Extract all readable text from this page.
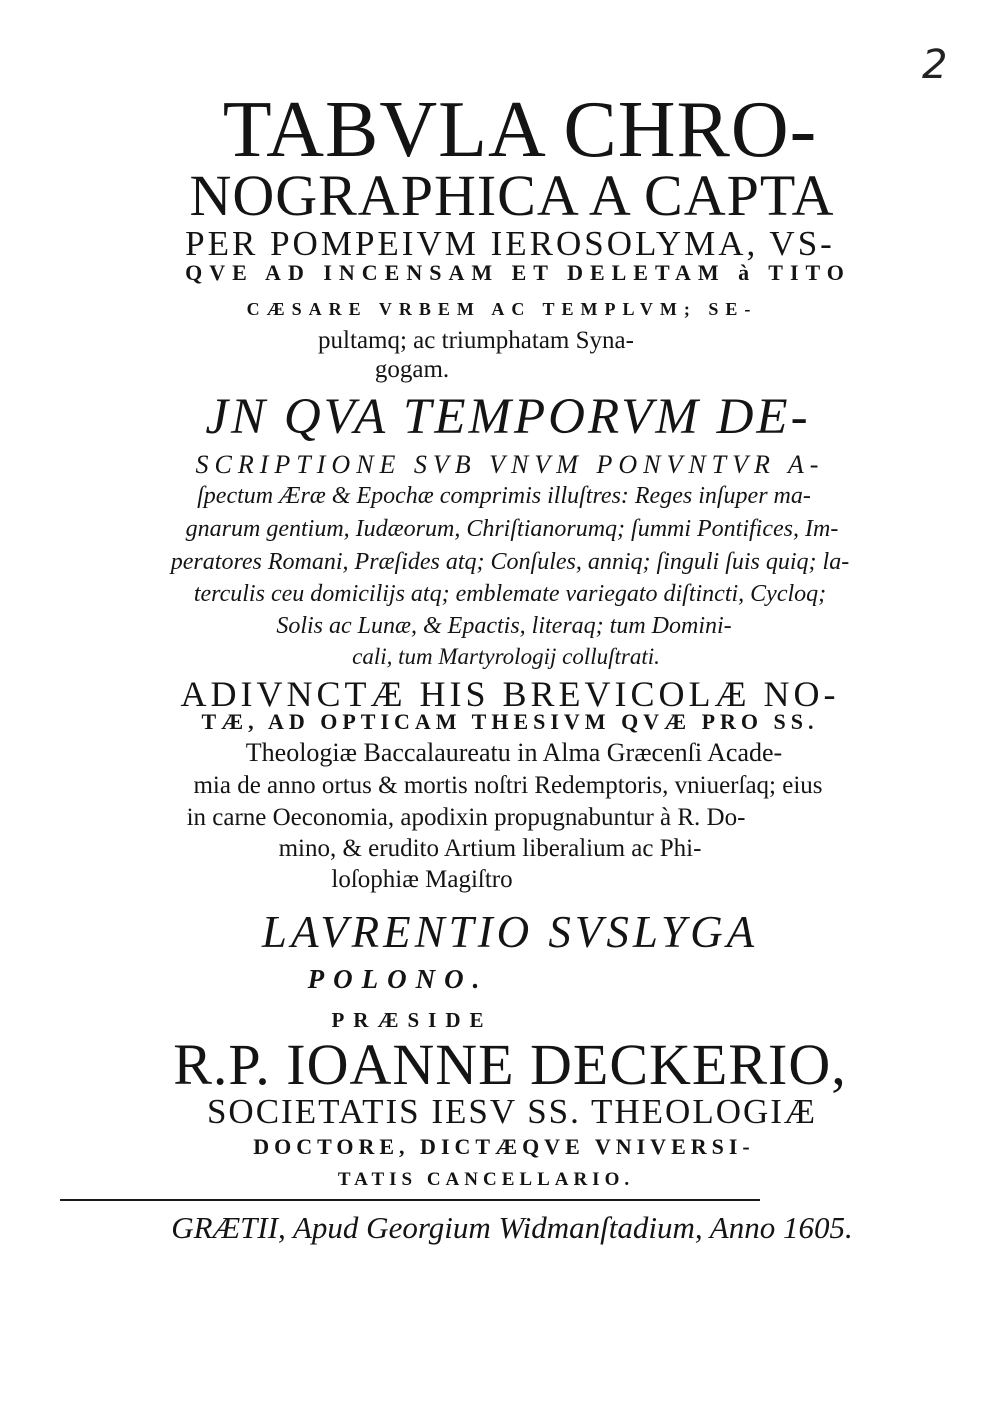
2
TABVLA CHRO-
NOGRAPHICA A CAPTA
PER POMPEIVM IEROSOLYMA, VS-
QVE AD INCENSAM ET DELETAM à TITO
CÆSARE VRBEM AC TEMPLVM; SE-
pultamq; ac triumphatam Syna-
gogam.
JN QVA TEMPORVM DE-
SCRIPTIONE SVB VNVM PONVNTVR A-
ſpectum Æræ & Epochæ comprimis illuſtres: Reges inſuper ma-
gnarum gentium, Iudæorum, Chriſtianorumq; ſummi Pontifices, Im-
peratores Romani, Præſides atq; Conſules, anniq; ſinguli ſuis quiq; la-
terculis ceu domicilijs atq; emblemate variegato diſtincti, Cycloq;
Solis ac Lunæ, & Epactis, literaq; tum Domini-
cali, tum Martyrologij colluſtrati.
ADIVNCTÆ HIS BREVICOLÆ NO-
TÆ, AD OPTICAM THESIVM QVÆ PRO SS.
Theologiæ Baccalaureatu in Alma Græcenſi Acade-
mia de anno ortus & mortis noſtri Redemptoris, vniuerſaq; eius
in carne Oeconomia, apodixin propugnabuntur à R. Do-
mino, & erudito Artium liberalium ac Phi-
loſophiæ Magiſtro
LAVRENTIO SVSLYGA
POLONO.
PRÆSIDE
R.P. IOANNE DECKERIO,
SOCIETATIS IESV SS. THEOLOGIÆ
DOCTORE, DICTÆQVE VNIVERSI-
TATIS CANCELLARIO.
GRÆTII, Apud Georgium Widmanſtadium, Anno 1605.
